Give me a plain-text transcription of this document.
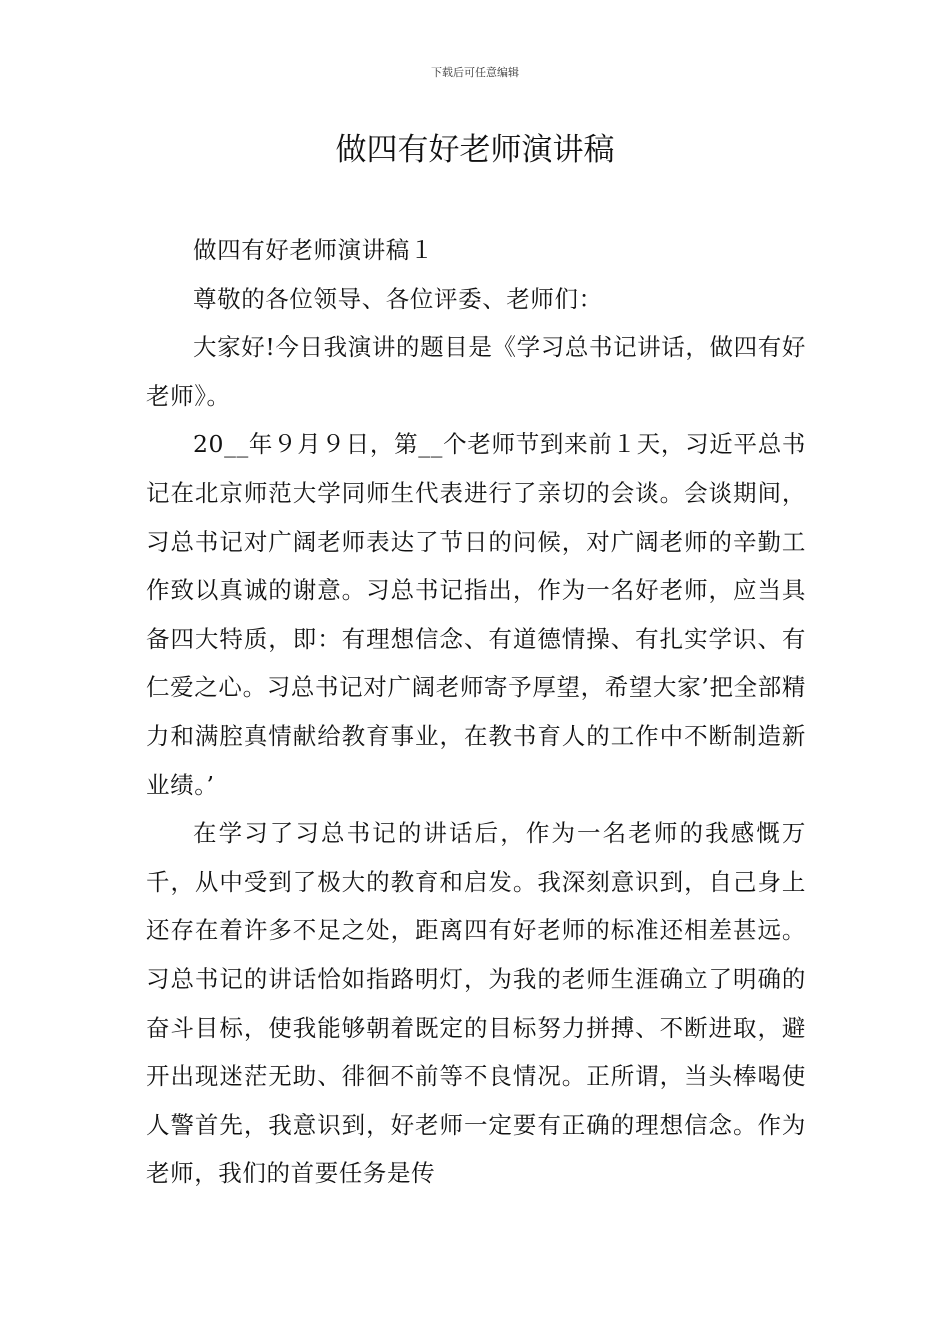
下载后可任意编辑
做四有好老师演讲稿

做四有好老师演讲稿１

尊敬的各位领导、各位评委、老师们：

大家好!今日我演讲的题目是《学习总书记讲话，做四有好老师》。

20__年９月９日，第__个老师节到来前１天，习近平总书记在北京师范大学同师生代表进行了亲切的会谈。会谈期间，习总书记对广阔老师表达了节日的问候，对广阔老师的辛勤工作致以真诚的谢意。习总书记指出，作为一名好老师，应当具备四大特质，即：有理想信念、有道德情操、有扎实学识、有仁爱之心。习总书记对广阔老师寄予厚望，希望大家’把全部精力和满腔真情献给教育事业，在教书育人的工作中不断制造新业绩。’

在学习了习总书记的讲话后，作为一名老师的我感慨万千，从中受到了极大的教育和启发。我深刻意识到，自己身上还存在着许多不足之处，距离四有好老师的标准还相差甚远。习总书记的讲话恰如指路明灯，为我的老师生涯确立了明确的奋斗目标，使我能够朝着既定的目标努力拼搏、不断进取，避开出现迷茫无助、徘徊不前等不良情况。正所谓，当头棒喝使人警首先，我意识到，好老师一定要有正确的理想信念。作为老师，我们的首要任务是传
